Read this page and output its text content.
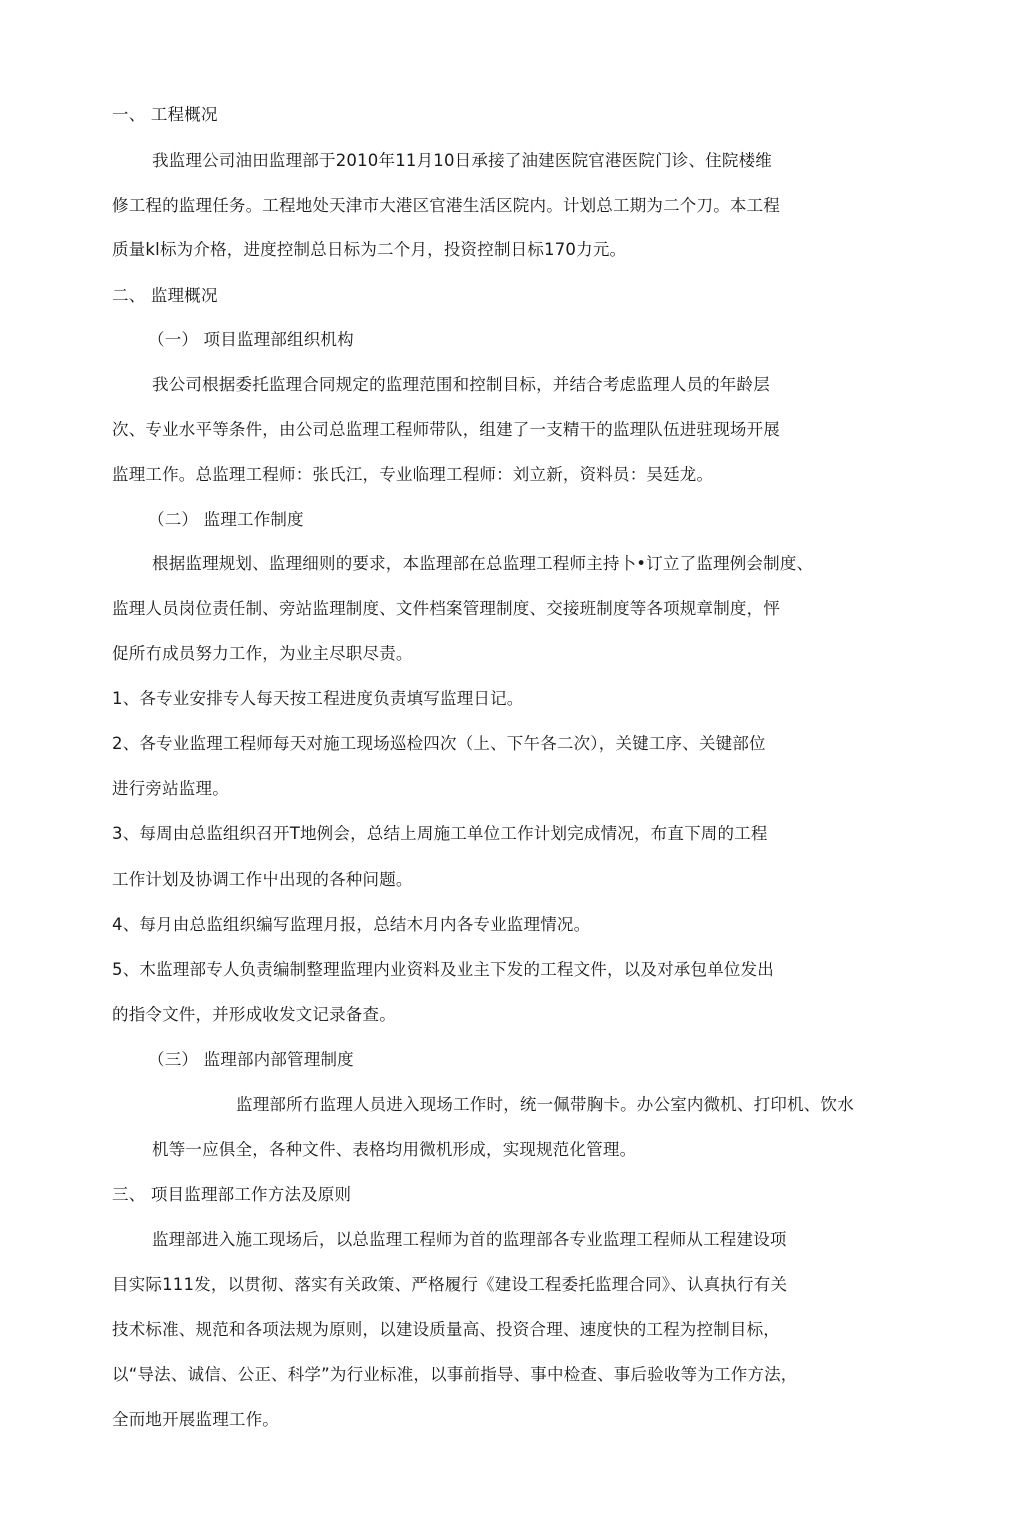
一、 工程概况
我监理公司油田监理部于2010年11月10日承接了油建医院官港医院门诊、住院楼维
修工程的监理任务。工程地处天津市大港区官港生活区院内。计划总工期为二个刀。本工程
质量kl标为介格，进度控制总日标为二个月，投资控制日标170力元。
二、 监理概况
（一） 项目监理部组织机构
我公司根据委托监理合同规定的监理范围和控制目标，并结合考虑监理人员的年龄层
次、专业水平等条件，由公司总监理工程师带队，组建了一支精干的监理队伍进驻现场开展
监理工作。总监理工程师：张氏江，专业临理工程师：刘立新，资料员：吴廷龙。
（二） 监理工作制度
根据监理规划、监理细则的要求，本监理部在总监理工程师主持卜•订立了监理例会制度、
监理人员岗位责任制、旁站监理制度、文件档案管理制度、交接班制度等各项规章制度，怦
促所冇成员努力工作，为业主尽职尽责。
1、各专业安排专人每天按工程进度负责填写监理日记。
2、各专业监理工程师每天对施工现场巡检四次（上、下午各二次），关键工序、关键部位
进行旁站监理。
3、每周由总监组织召开T地例会，总结上周施工单位工作计划完成情况，布直下周的工程
工作计划及协调工作屮出现的各种问题。
4、每月由总监组织编写监理月报，总结木月内各专业监理情况。
5、木监理部专人负责编制整理监理内业资料及业主下发的工程文件，以及对承包单位发出
的指令文件，并形成收发文记录备查。
（三） 监理部内部管理制度
监理部所冇监理人员进入现场工作时，统一佩带胸卡。办公室内微机、打印机、饮水
机等一应俱全，各种文件、表格均用微机形成，实现规范化管理。
三、 项目监理部工作方法及原则
监理部进入施工现场后，以总监理工程师为首的监理部各专业监理工程师从工程建设项
目实际111发，以贯彻、落实有关政策、严格履行《建设工程委托监理合同》、认真执行有关
技术标准、规范和各项法规为原则，以建设质量高、投资合理、速度快的工程为控制目标，
以“导法、诚信、公正、科学”为行业标准，以事前指导、事中检查、事后验收等为工作方法，
全而地开展监理工作。
